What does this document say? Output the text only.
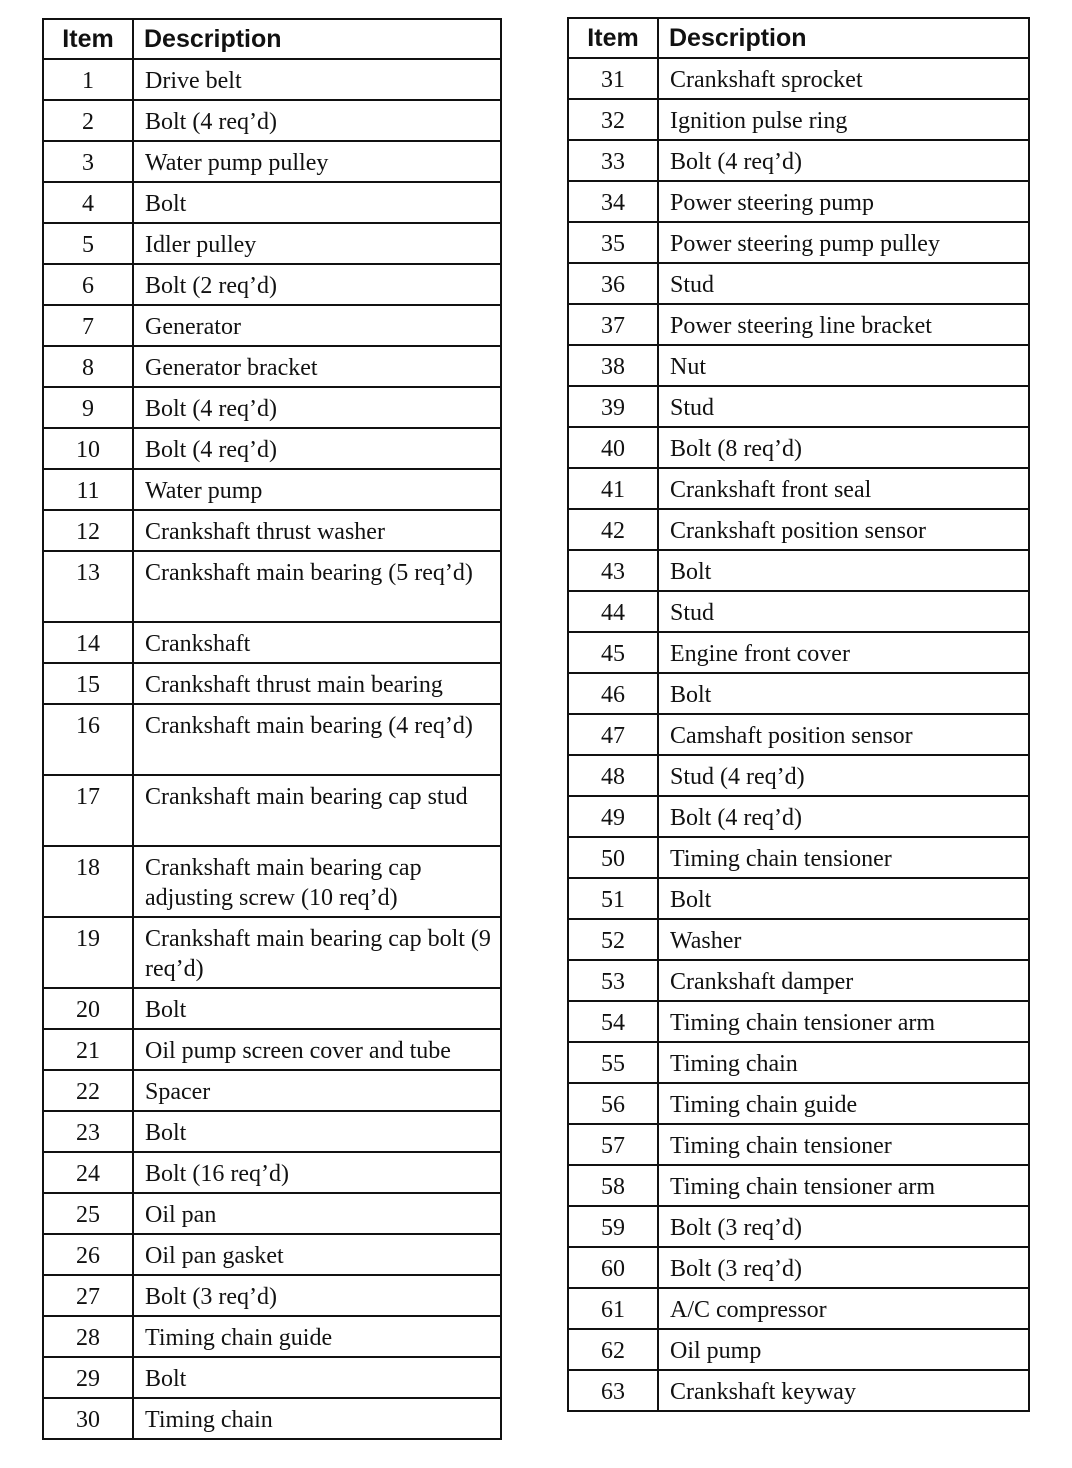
Item	Description
1	Drive belt
2	Bolt (4 req’d)
3	Water pump pulley
4	Bolt
5	Idler pulley
6	Bolt (2 req’d)
7	Generator
8	Generator bracket
9	Bolt (4 req’d)
10	Bolt (4 req’d)
11	Water pump
12	Crankshaft thrust washer
13	Crankshaft main bearing (5 req’d)
14	Crankshaft
15	Crankshaft thrust main bearing
16	Crankshaft main bearing (4 req’d)
17	Crankshaft main bearing cap stud
18	Crankshaft main bearing cap adjusting screw (10 req’d)
19	Crankshaft main bearing cap bolt (9 req’d)
20	Bolt
21	Oil pump screen cover and tube
22	Spacer
23	Bolt
24	Bolt (16 req’d)
25	Oil pan
26	Oil pan gasket
27	Bolt (3 req’d)
28	Timing chain guide
29	Bolt
30	Timing chain
Item	Description
31	Crankshaft sprocket
32	Ignition pulse ring
33	Bolt (4 req’d)
34	Power steering pump
35	Power steering pump pulley
36	Stud
37	Power steering line bracket
38	Nut
39	Stud
40	Bolt (8 req’d)
41	Crankshaft front seal
42	Crankshaft position sensor
43	Bolt
44	Stud
45	Engine front cover
46	Bolt
47	Camshaft position sensor
48	Stud (4 req’d)
49	Bolt (4 req’d)
50	Timing chain tensioner
51	Bolt
52	Washer
53	Crankshaft damper
54	Timing chain tensioner arm
55	Timing chain
56	Timing chain guide
57	Timing chain tensioner
58	Timing chain tensioner arm
59	Bolt (3 req’d)
60	Bolt (3 req’d)
61	A/C compressor
62	Oil pump
63	Crankshaft keyway
